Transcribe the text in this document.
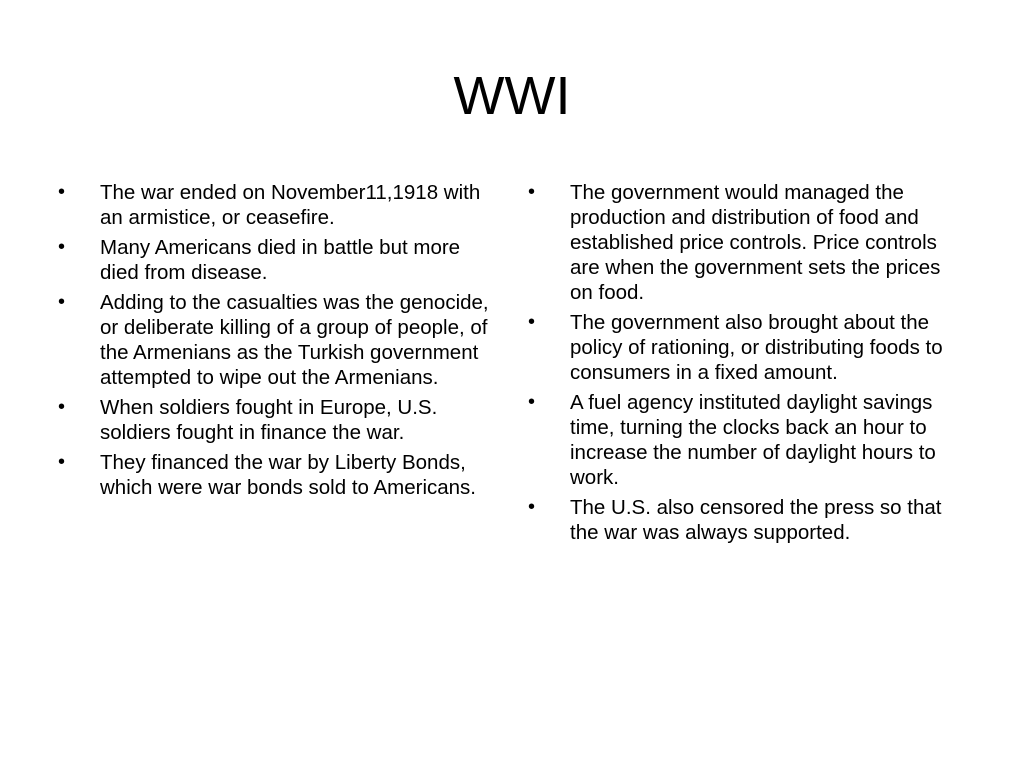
WWI
•	The war ended on November11,1918 with an armistice, or ceasefire.
•	Many Americans died in battle but more died from disease.
•	Adding to the casualties was the genocide, or deliberate killing of a group of people, of the Armenians as the Turkish government attempted to wipe out the Armenians.
•	When soldiers fought in Europe, U.S. soldiers fought in finance the war.
•	They financed the war by Liberty Bonds, which were war bonds sold to Americans.
•	The government would managed the production and distribution of food and established price controls. Price controls are when the government sets the prices on food.
•	The government also brought about the policy of rationing, or distributing foods to consumers in a fixed amount.
•	A fuel agency instituted daylight savings time, turning the clocks back an hour to increase the number of daylight hours to work.
•	The U.S. also censored the press so that the war was always supported.
